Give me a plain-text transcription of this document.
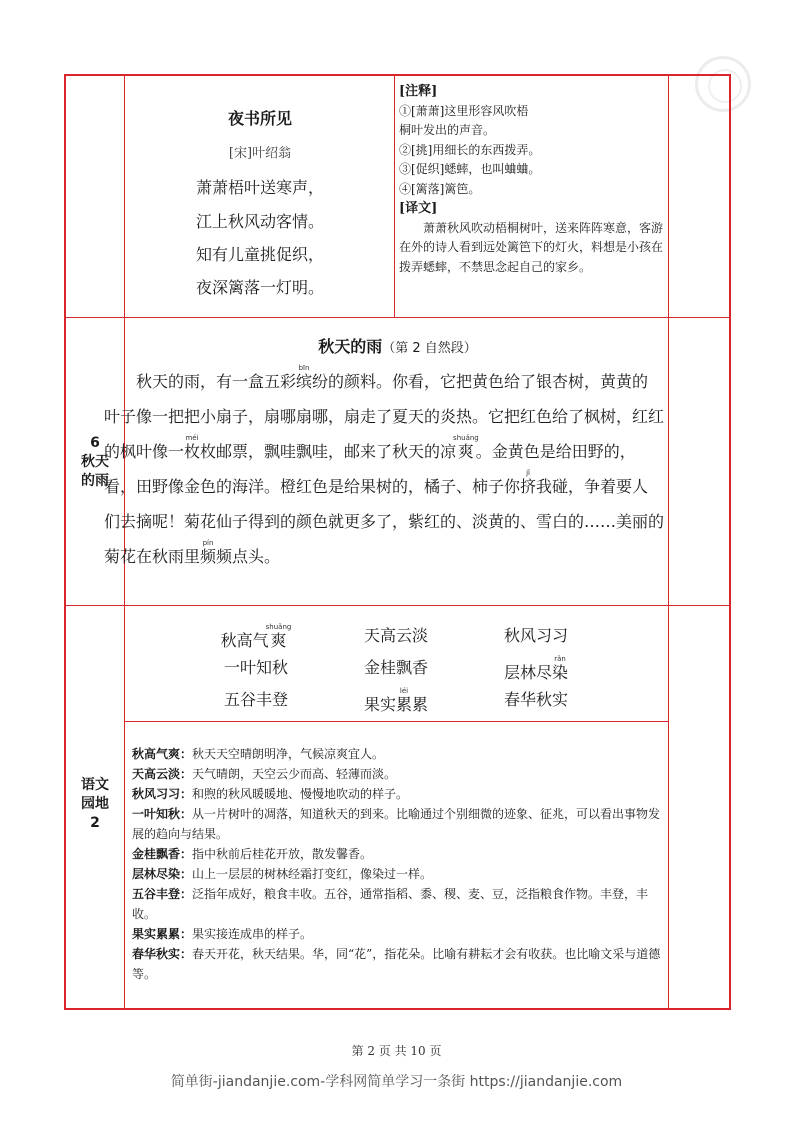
夜书所见
[宋]叶绍翁
萧萧梧叶送寒声，
江上秋风动客情。
知有儿童挑促织，
夜深篱落一灯明。
[注释]
①[萧萧]这里形容风吹梧
桐叶发出的声音。
②[挑]用细长的东西拨弄。
③[促织]蟋蟀，也叫蛐蛐。
④[篱落]篱笆。
[译文]
萧萧秋风吹动梧桐树叶，送来阵阵寒意，客游在外的诗人看到远处篱笆下的灯火，料想是小孩在拨弄蟋蟀，不禁思念起自己的家乡。
6
秋天
的雨
秋天的雨（第 2 自然段）
秋天的雨，有一盒五彩缤bīn纷的颜料。你看，它把黄色给了银杏树，黄黄的叶子像一把把小扇子，扇哪扇哪，扇走了夏天的炎热。它把红色给了枫树，红红的枫叶像一枚méi枚邮票，飘哇飘哇，邮来了秋天的凉爽shuǎng。金黄色是给田野的，看，田野像金色的海洋。橙红色是给果树的，橘子、柿子你挤jǐ我碰，争着要人们去摘呢！菊花仙子得到的颜色就更多了，紫红的、淡黄的、雪白的……美丽的菊花在秋雨里频pín频点头。
语文
园地
2
秋高气爽shuǎng	天高云淡	秋风习习
一叶知秋	金桂飘香	层林尽染rǎn
五谷丰登	果实累léi累	春华秋实
秋高气爽：秋天天空晴朗明净，气候凉爽宜人。
天高云淡：天气晴朗，天空云少而高、轻薄而淡。
秋风习习：和煦的秋风暖暖地、慢慢地吹动的样子。
一叶知秋：从一片树叶的凋落，知道秋天的到来。比喻通过个别细微的迹象、征兆，可以看出事物发展的趋向与结果。
金桂飘香：指中秋前后桂花开放，散发馨香。
层林尽染：山上一层层的树林经霜打变红，像染过一样。
五谷丰登：泛指年成好，粮食丰收。五谷，通常指稻、黍、稷、麦、豆，泛指粮食作物。丰登，丰收。
果实累累：果实接连成串的样子。
春华秋实：春天开花，秋天结果。华，同“花”，指花朵。比喻有耕耘才会有收获。也比喻文采与道德等。
第 2 页 共 10 页
简单街-jiandanjie.com-学科网简单学习一条街 https://jiandanjie.com
